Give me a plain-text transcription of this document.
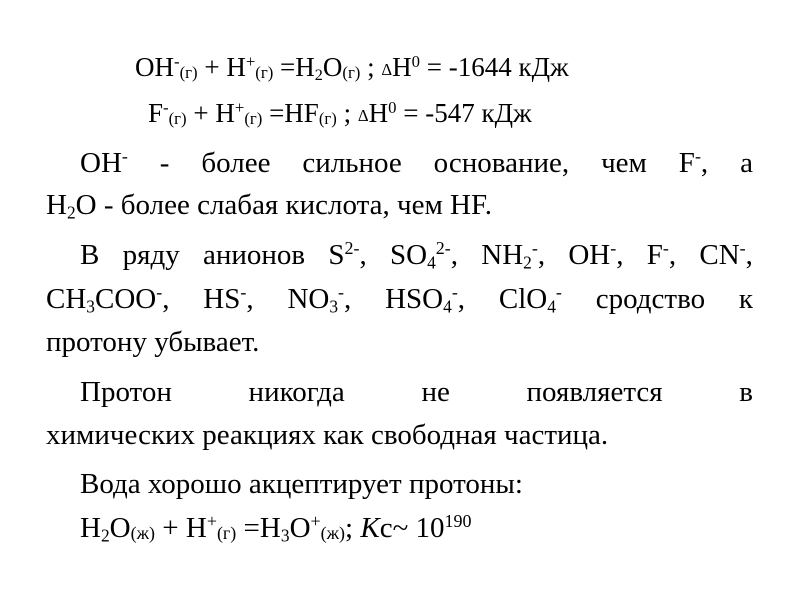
OH-(г) + H+(г) =H2O(г) ; $\Delta H^0 = -1644$ кДж
F-(г) + H+(г) =HF(г) ; $\Delta H^0 = -547$ кДж
OH- - более сильное основание, чем F-, а
H2O - более слабая кислота, чем HF.
В ряду анионов $S^{2-}$, $SO4^{2-}$, NH2-, OH-, F-, CN-,
CH3COO-, HS-, NO3-, HSO4-, ClO4- сродство к
протону убывает.
Протон	никогда	не	появляется	в
химических реакциях как свободная частица.
Вода хорошо акцептирует протоны:
H2O(ж) + H+(г) =H3O+(ж); Kc~ $10^{190}$
